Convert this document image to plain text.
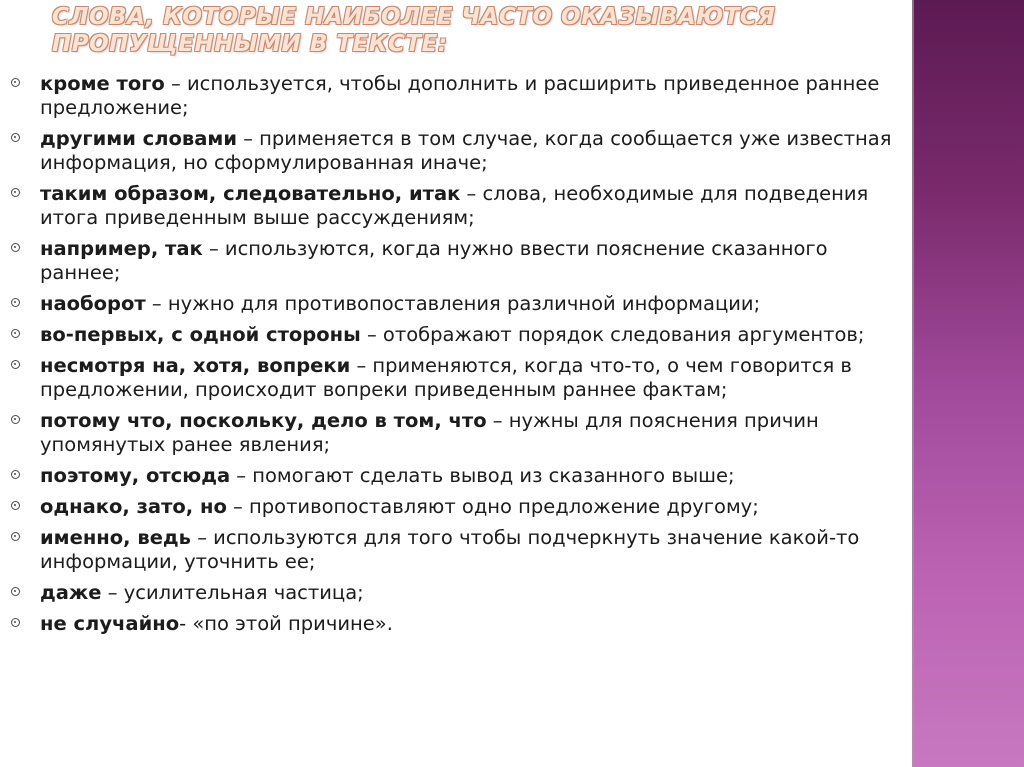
СЛОВА, КОТОРЫЕ НАИБОЛЕЕ ЧАСТО ОКАЗЫВАЮТСЯ
ПРОПУЩЕННЫМИ В ТЕКСТЕ:
кроме того – используется, чтобы дополнить и расширить приведенное раннее предложение;
другими словами – применяется в том случае, когда сообщается уже известная информация, но сформулированная иначе;
таким образом, следовательно, итак – слова, необходимые для подведения итога приведенным выше рассуждениям;
например, так – используются, когда нужно ввести пояснение сказанного раннее;
наоборот – нужно для противопоставления различной информации;
во-первых, с одной стороны – отображают порядок следования аргументов;
несмотря на, хотя, вопреки – применяются, когда что-то, о чем говорится в предложении, происходит вопреки приведенным раннее фактам;
потому что, поскольку, дело в том, что – нужны для пояснения причин упомянутых ранее явления;
поэтому, отсюда – помогают сделать вывод из сказанного выше;
однако, зато, но – противопоставляют одно предложение другому;
именно, ведь – используются для того чтобы подчеркнуть значение какой-то информации, уточнить ее;
даже – усилительная частица;
не случайно- «по этой причине».
